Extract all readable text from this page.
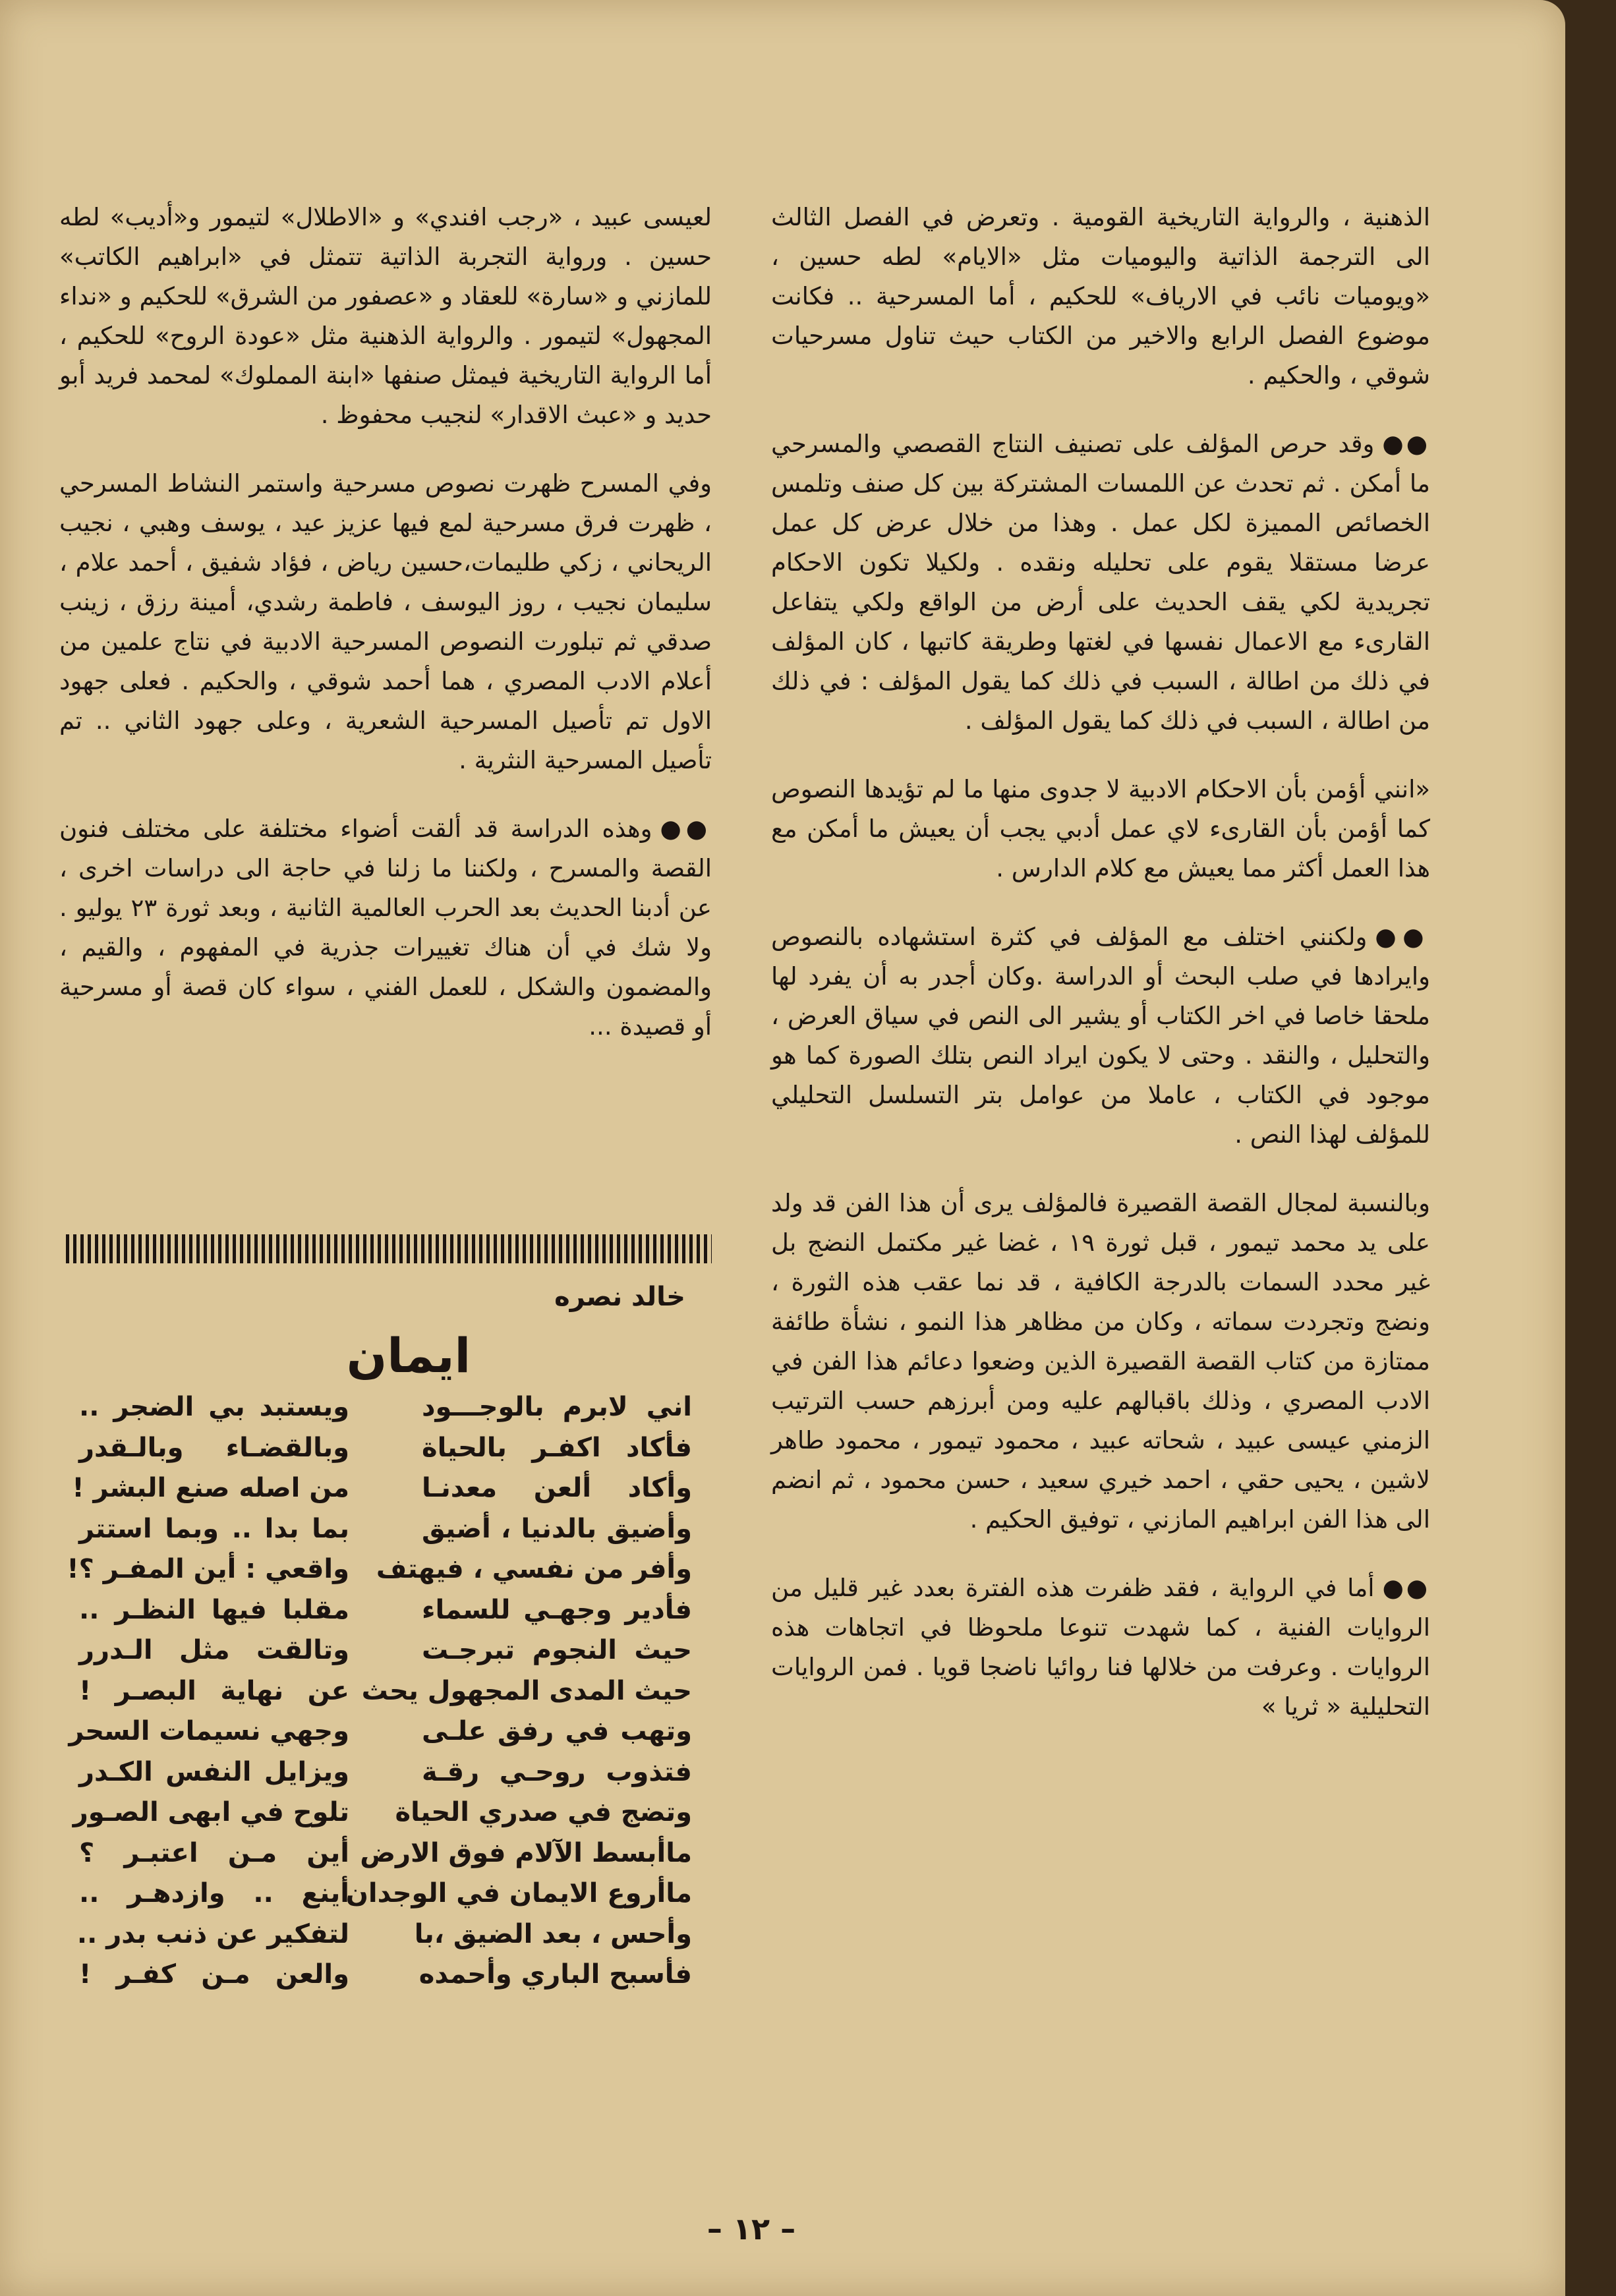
الذهنية ، والرواية التاريخية القومية . وتعرض في الفصل الثالث الى الترجمة الذاتية واليوميات مثل «الايام» لطه حسين ، «ويوميات نائب في الارياف» للحكيم ، أما المسرحية .. فكانت موضوع الفصل الرابع والاخير من الكتاب حيث تناول مسرحيات شوقي ، والحكيم .

●●وقد حرص المؤلف على تصنيف النتاج القصصي والمسرحي ما أمكن . ثم تحدث عن اللمسات المشتركة بين كل صنف وتلمس الخصائص المميزة لكل عمل . وهذا من خلال عرض كل عمل عرضا مستقلا يقوم على تحليله ونقده . ولكيلا تكون الاحكام تجريدية لكي يقف الحديث على أرض من الواقع ولكي يتفاعل القارىء مع الاعمال نفسها في لغتها وطريقة كاتبها ، كان المؤلف في ذلك من اطالة ، السبب في ذلك كما يقول المؤلف : في ذلك من اطالة ، السبب في ذلك كما يقول المؤلف .

«انني أؤمن بأن الاحكام الادبية لا جدوى منها ما لم تؤيدها النصوص كما أؤمن بأن القارىء لاي عمل أدبي يجب أن يعيش ما أمكن مع هذا العمل أكثر مما يعيش مع كلام الدارس .

●●ولكنني اختلف مع المؤلف في كثرة استشهاده بالنصوص وايرادها في صلب البحث أو الدراسة .وكان أجدر به أن يفرد لها ملحقا خاصا في اخر الكتاب أو يشير الى النص في سياق العرض ، والتحليل ، والنقد . وحتى لا يكون ايراد النص بتلك الصورة كما هو موجود في الكتاب ، عاملا من عوامل بتر التسلسل التحليلي للمؤلف لهذا النص .

وبالنسبة لمجال القصة القصيرة فالمؤلف يرى أن هذا الفن قد ولد على يد محمد تيمور ، قبل ثورة ١٩ ، غضا غير مكتمل النضج بل غير محدد السمات بالدرجة الكافية ، قد نما عقب هذه الثورة ، ونضج وتجردت سماته ، وكان من مظاهر هذا النمو ، نشأة طائفة ممتازة من كتاب القصة القصيرة الذين وضعوا دعائم هذا الفن في الادب المصري ، وذلك باقبالهم عليه ومن أبرزهم حسب الترتيب الزمني عيسى عبيد ، شحاته عبيد ، محمود تيمور ، محمود طاهر لاشين ، يحيى حقي ، احمد خيري سعيد ، حسن محمود ، ثم انضم الى هذا الفن ابراهيم المازني ، توفيق الحكيم .

●●أما في الرواية ، فقد ظفرت هذه الفترة بعدد غير قليل من الروايات الفنية ، كما شهدت تنوعا ملحوظا في اتجاهات هذه الروايات . وعرفت من خلالها فنا روائيا ناضجا قويا . فمن الروايات التحليلية « ثريا »

لعيسى عبيد ، «رجب افندي» و «الاطلال» لتيمور و«أديب» لطه حسين . ورواية التجربة الذاتية تتمثل في «ابراهيم الكاتب» للمازني و «سارة» للعقاد و «عصفور من الشرق» للحكيم و «نداء المجهول» لتيمور . والرواية الذهنية مثل «عودة الروح» للحكيم ، أما الرواية التاريخية فيمثل صنفها «ابنة المملوك» لمحمد فريد أبو حديد و «عبث الاقدار» لنجيب محفوظ .

وفي المسرح ظهرت نصوص مسرحية واستمر النشاط المسرحي ، ظهرت فرق مسرحية لمع فيها عزيز عيد ، يوسف وهبي ، نجيب الريحاني ، زكي طليمات،حسين رياض ، فؤاد شفيق ، أحمد علام ، سليمان نجيب ، روز اليوسف ، فاطمة رشدي، أمينة رزق ، زينب صدقي ثم تبلورت النصوص المسرحية الادبية في نتاج علمين من أعلام الادب المصري ، هما أحمد شوقي ، والحكيم . فعلى جهود الاول تم تأصيل المسرحية الشعرية ، وعلى جهود الثاني .. تم تأصيل المسرحية النثرية .

●●وهذه الدراسة قد ألقت أضواء مختلفة على مختلف فنون القصة والمسرح ، ولكننا ما زلنا في حاجة الى دراسات اخرى ، عن أدبنا الحديث بعد الحرب العالمية الثانية ، وبعد ثورة ٢٣ يوليو . ولا شك في أن هناك تغييرات جذرية في المفهوم ، والقيم ، والمضمون والشكل ، للعمل الفني ، سواء كان قصة أو مسرحية أو قصيدة ...

خالد نصره
ايمان
اني لابرم بالوجـــود
فأكاد اكفـر بالحياة
وأكاد ألعن معدنـا
وأضيق بالدنيا ، أضيق
وأفر من نفسي ، فيهتف
فأدير وجهـي للسماء
حيث النجوم تبرجـت
حيث المدى المجهول يحث
وتهب في رفق علـى
فتذوب روحـي رقـة
وتضج في صدري الحياة
ماأبسط الآلام فوق الارض
ماأروع الايمان في الوجدان
وأحس ، بعد الضيق ،با
فأسبح الباري وأحمده
ويستبد بي الضجر ..
وبالقضـاء وبالـقدر
من اصله صنع البشر !
بما بدا .. وبما استتر
واقعي : أين المفـر ؟!
مقلبا فيها النظـر ..
وتالقت مثل الـدرر
عن نهاية البصـر !
وجهي نسيمات السحر
ويزايل النفس الكـدر
تلوح في ابهى الصـور
أين مـن اعتبـر ؟
أينع .. وازدهـر ..
لتفكير عن ذنب بدر ..
والعن مـن كفـر !
– ١٢ –
